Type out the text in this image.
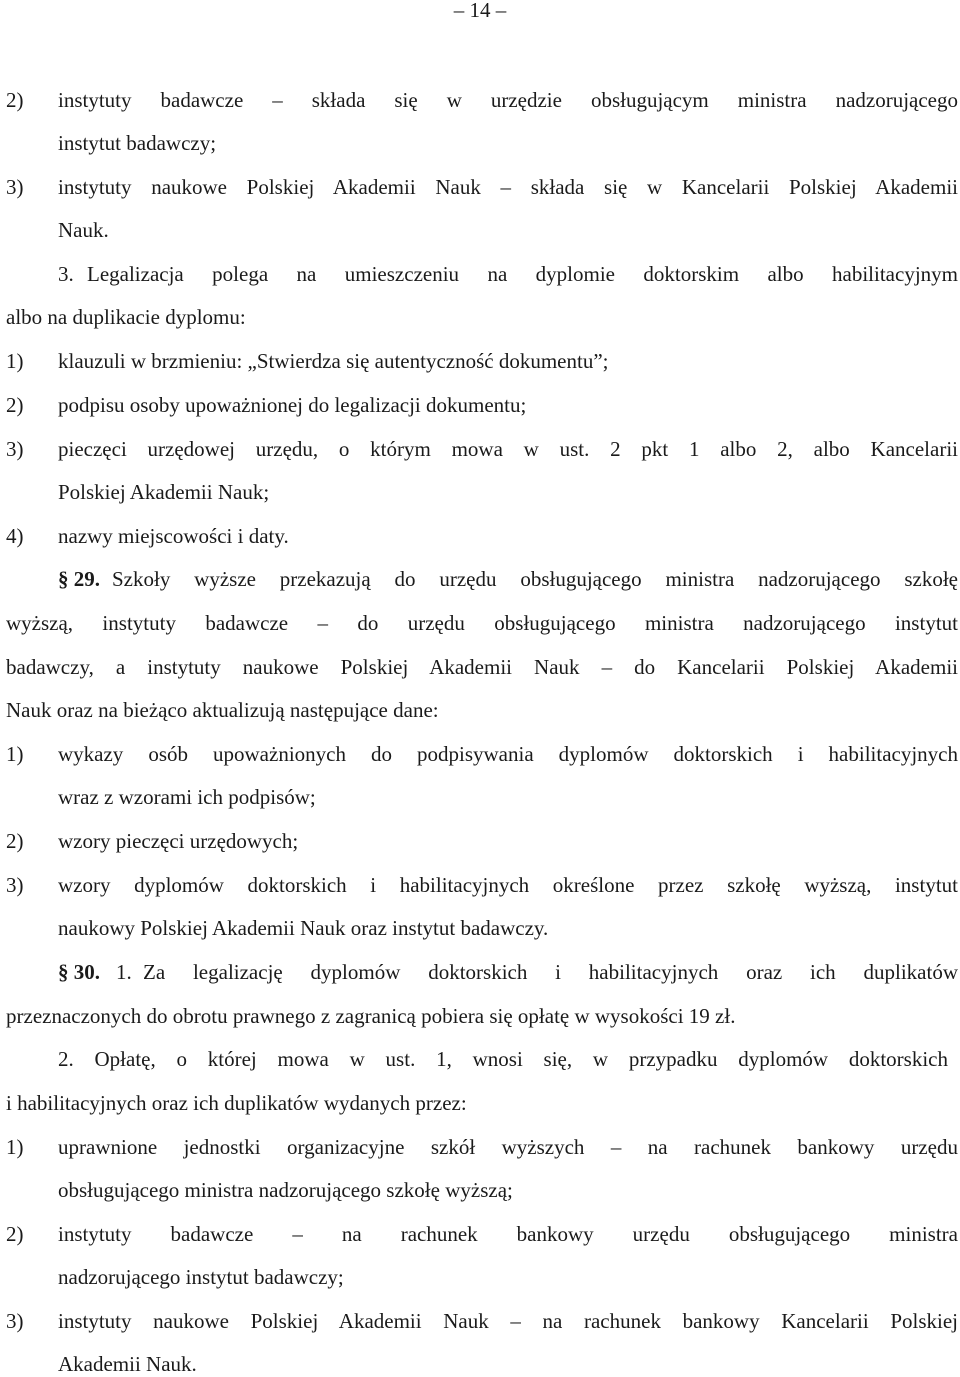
– 14 –
2) instytuty badawcze – składa się w urzędzie obsługującym ministra nadzorującego
instytut badawczy;
3) instytuty naukowe Polskiej Akademii Nauk – składa się w Kancelarii Polskiej Akademii
Nauk.
3. Legalizacja polega na umieszczeniu na dyplomie doktorskim albo habilitacyjnym
albo na duplikacie dyplomu:
1) klauzuli w brzmieniu: „Stwierdza się autentyczność dokumentu”;
2) podpisu osoby upoważnionej do legalizacji dokumentu;
3) pieczęci urzędowej urzędu, o którym mowa w ust. 2 pkt 1 albo 2, albo Kancelarii
Polskiej Akademii Nauk;
4) nazwy miejscowości i daty.
§ 29. Szkoły wyższe przekazują do urzędu obsługującego ministra nadzorującego szkołę
wyższą, instytuty badawcze – do urzędu obsługującego ministra nadzorującego instytut
badawczy, a instytuty naukowe Polskiej Akademii Nauk – do Kancelarii Polskiej Akademii
Nauk oraz na bieżąco aktualizują następujące dane:
1) wykazy osób upoważnionych do podpisywania dyplomów doktorskich i habilitacyjnych
wraz z wzorami ich podpisów;
2) wzory pieczęci urzędowych;
3) wzory dyplomów doktorskich i habilitacyjnych określone przez szkołę wyższą, instytut
naukowy Polskiej Akademii Nauk oraz instytut badawczy.
§ 30. 1. Za legalizację dyplomów doktorskich i habilitacyjnych oraz ich duplikatów
przeznaczonych do obrotu prawnego z zagranicą pobiera się opłatę w wysokości 19 zł.
2. Opłatę, o której mowa w ust. 1, wnosi się, w przypadku dyplomów doktorskich
i habilitacyjnych oraz ich duplikatów wydanych przez:
1) uprawnione jednostki organizacyjne szkół wyższych – na rachunek bankowy urzędu
obsługującego ministra nadzorującego szkołę wyższą;
2) instytuty badawcze – na rachunek bankowy urzędu obsługującego ministra
nadzorującego instytut badawczy;
3) instytuty naukowe Polskiej Akademii Nauk – na rachunek bankowy Kancelarii Polskiej
Akademii Nauk.
